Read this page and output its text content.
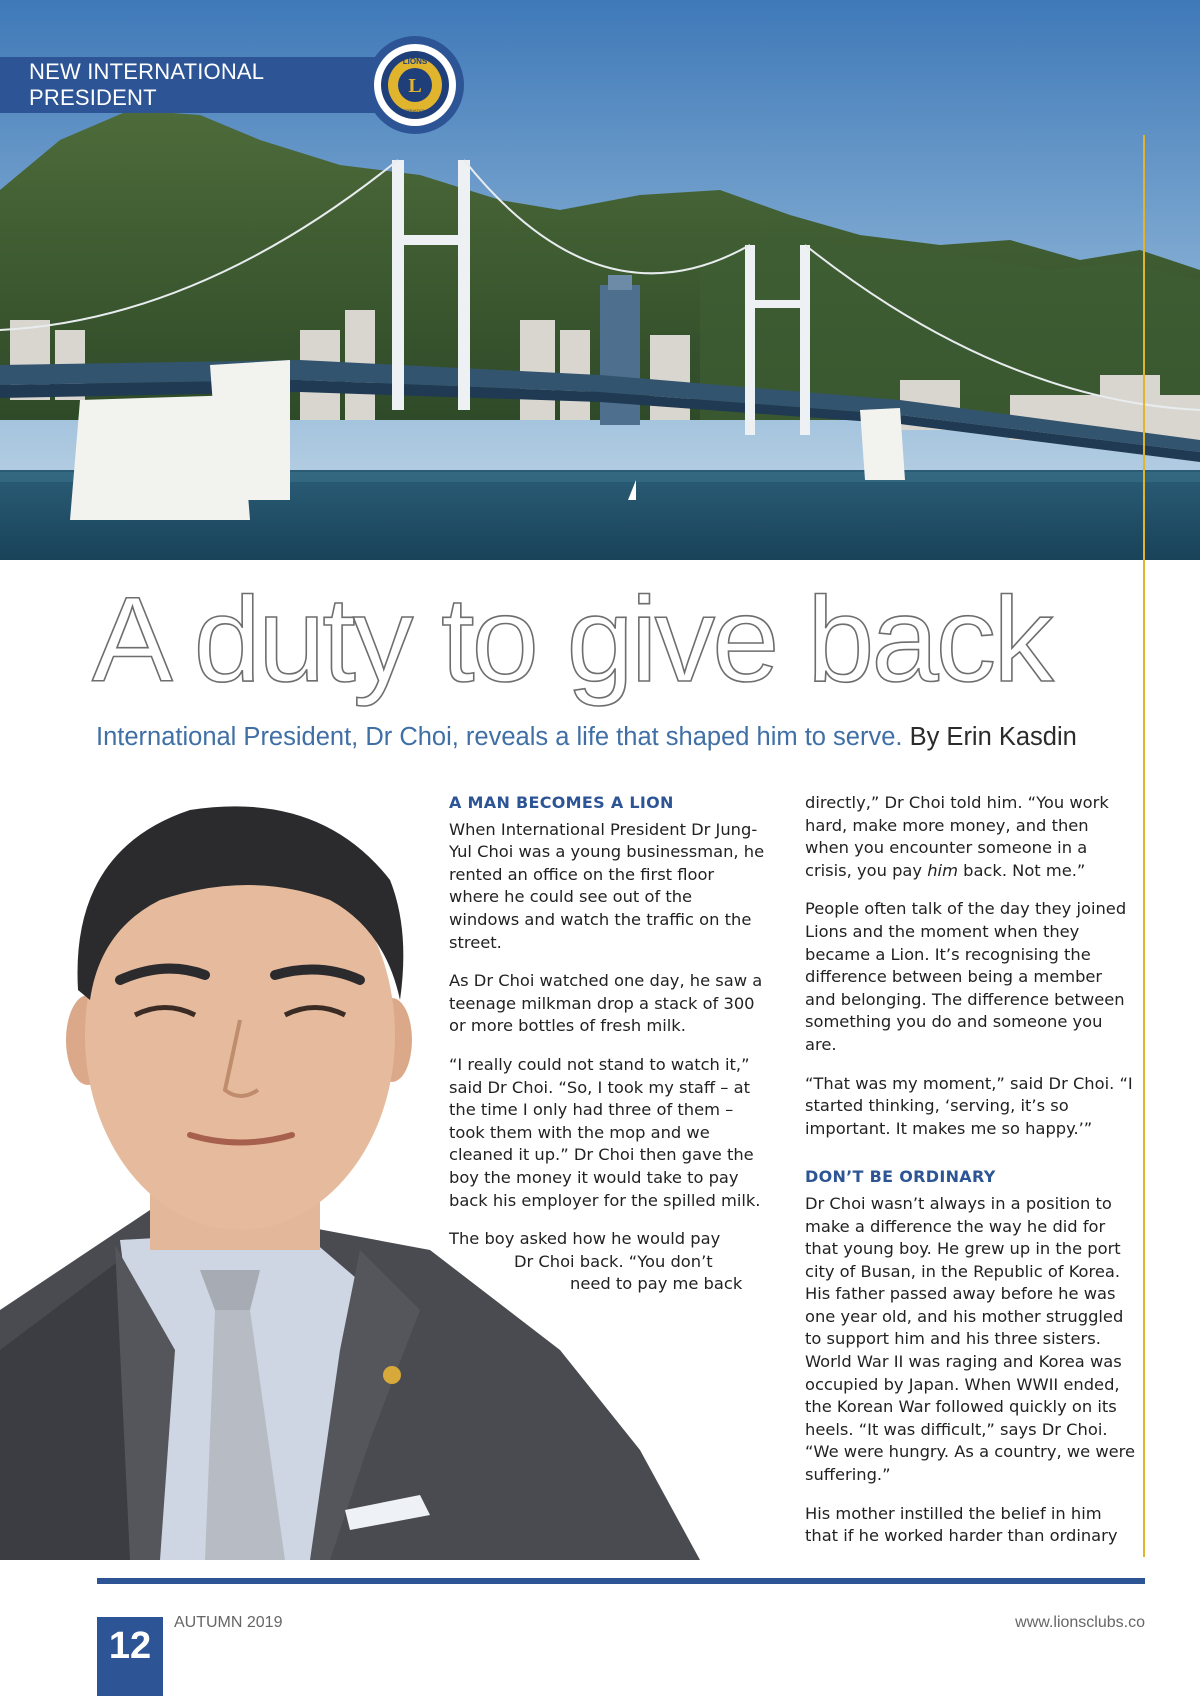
NEW INTERNATIONAL PRESIDENT	L
LIONS
INTERNATIONAL
A duty to give back
International President, Dr Choi, reveals a life that shaped him to serve. By Erin Kasdin
A MAN BECOMES A LION

When International President Dr Jung-Yul Choi was a young businessman, he rented an office on the first floor where he could see out of the windows and watch the traffic on the street.

As Dr Choi watched one day, he saw a teenage milkman drop a stack of 300 or more bottles of fresh milk.

“I really could not stand to watch it,” said Dr Choi. “So, I took my staff – at the time I only had three of them – took them with the mop and we cleaned it up.” Dr Choi then gave the boy the money it would take to pay back his employer for the spilled milk.

The boy asked how he would pay
Dr Choi back. “You don’t
need to pay me back

directly,” Dr Choi told him. “You work hard, make more money, and then when you encounter someone in a crisis, you pay him back. Not me.”

People often talk of the day they joined Lions and the moment when they became a Lion. It’s recognising the difference between being a member and belonging. The difference between something you do and someone you are.

“That was my moment,” said Dr Choi. “I started thinking, ‘serving, it’s so important. It makes me so happy.’”

DON’T BE ORDINARY

Dr Choi wasn’t always in a position to make a difference the way he did for that young boy. He grew up in the port city of Busan, in the Republic of Korea. His father passed away before he was one year old, and his mother struggled to support him and his three sisters. World War II was raging and Korea was occupied by Japan. When WWII ended, the Korean War followed quickly on its heels. “It was difficult,” says Dr Choi. “We were hungry. As a country, we were suffering.”

His mother instilled the belief in him that if he worked harder than ordinary

12
AUTUMN 2019	www.lionsclubs.co
